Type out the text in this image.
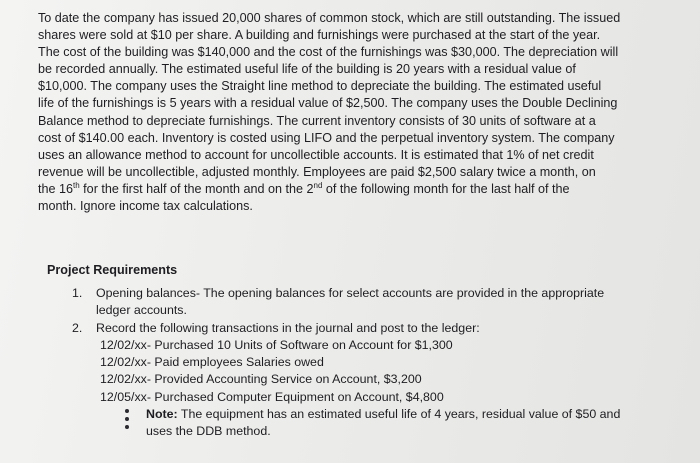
To date the company has issued 20,000 shares of common stock, which are still outstanding. The issued
shares were sold at $10 per share. A building and furnishings were purchased at the start of the year.
The cost of the building was $140,000 and the cost of the furnishings was $30,000. The depreciation will
be recorded annually. The estimated useful life of the building is 20 years with a residual value of
$10,000. The company uses the Straight line method to depreciate the building. The estimated useful
life of the furnishings is 5 years with a residual value of $2,500. The company uses the Double Declining
Balance method to depreciate furnishings. The current inventory consists of 30 units of software at a
cost of $140.00 each. Inventory is costed using LIFO and the perpetual inventory system. The company
uses an allowance method to account for uncollectible accounts. It is estimated that 1% of net credit
revenue will be uncollectible, adjusted monthly. Employees are paid $2,500 salary twice a month, on
the 16th for the first half of the month and on the 2nd of the following month for the last half of the
month. Ignore income tax calculations.

Project Requirements
1. Opening balances- The opening balances for select accounts are provided in the appropriate
ledger accounts.
2. Record the following transactions in the journal and post to the ledger:
12/02/xx- Purchased 10 Units of Software on Account for $1,300
12/02/xx- Paid employees Salaries owed
12/02/xx- Provided Accounting Service on Account, $3,200
12/05/xx- Purchased Computer Equipment on Account, $4,800
Note: The equipment has an estimated useful life of 4 years, residual value of $50 and
uses the DDB method.
